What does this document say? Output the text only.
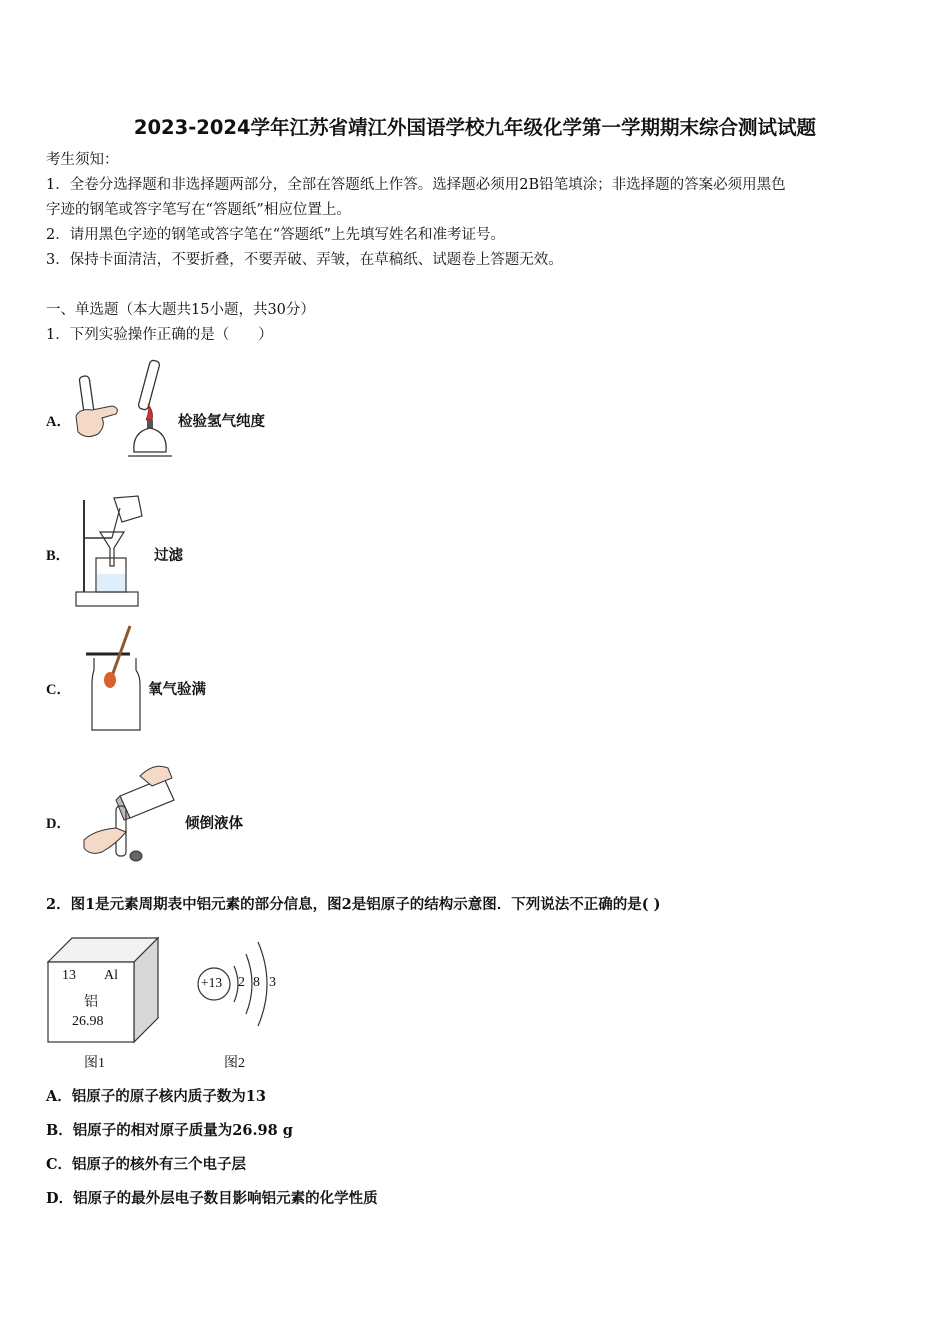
2023-2024学年江苏省靖江外国语学校九年级化学第一学期期末综合测试试题
考生须知：
1．全卷分选择题和非选择题两部分，全部在答题纸上作答。选择题必须用2B铅笔填涂；非选择题的答案必须用黑色
字迹的钢笔或答字笔写在“答题纸”相应位置上。
2．请用黑色字迹的钢笔或答字笔在“答题纸”上先填写姓名和准考证号。
3．保持卡面清洁，不要折叠，不要弄破、弄皱，在草稿纸、试题卷上答题无效。
一、单选题（本大题共15小题，共30分）
1．下列实验操作正确的是（　　）
A．	检验氢气纯度
B．	过滤
C．	氧气验满
D．	倾倒液体
2．图1是元素周期表中铝元素的部分信息，图2是铝原子的结构示意图．下列说法不正确的是( )
13 Al
铝
26.98
图1
+13 2 8 3
图2
A．铝原子的原子核内质子数为13
B．铝原子的相对原子质量为26.98 g
C．铝原子的核外有三个电子层
D．铝原子的最外层电子数目影响铝元素的化学性质
